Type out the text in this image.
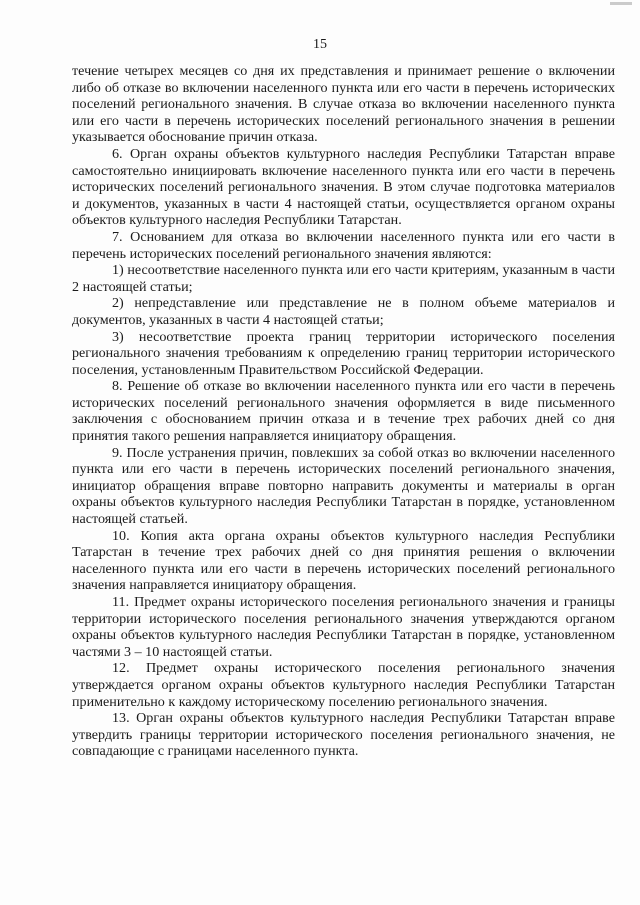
15

течение четырех месяцев со дня их представления и принимает решение о включении либо об отказе во включении населенного пункта или его части в перечень исторических поселений регионального значения. В случае отказа во включении населенного пункта или его части в перечень исторических поселений регионального значения в решении указывается обоснование причин отказа.

6. Орган охраны объектов культурного наследия Республики Татарстан вправе самостоятельно инициировать включение населенного пункта или его части в перечень исторических поселений регионального значения. В этом случае подготовка материалов и документов, указанных в части 4 настоящей статьи, осуществляется органом охраны объектов культурного наследия Республики Татарстан.

7. Основанием для отказа во включении населенного пункта или его части в перечень исторических поселений регионального значения являются:

1) несоответствие населенного пункта или его части критериям, указанным в части 2 настоящей статьи;

2) непредставление или представление не в полном объеме материалов и документов, указанных в части 4 настоящей статьи;

3) несоответствие проекта границ территории исторического поселения регионального значения требованиям к определению границ территории исторического поселения, установленным Правительством Российской Федерации.

8. Решение об отказе во включении населенного пункта или его части в перечень исторических поселений регионального значения оформляется в виде письменного заключения с обоснованием причин отказа и в течение трех рабочих дней со дня принятия такого решения направляется инициатору обращения.

9. После устранения причин, повлекших за собой отказ во включении населенного пункта или его части в перечень исторических поселений регионального значения, инициатор обращения вправе повторно направить документы и материалы в орган охраны объектов культурного наследия Республики Татарстан в порядке, установленном настоящей статьей.

10. Копия акта органа охраны объектов культурного наследия Республики Татарстан в течение трех рабочих дней со дня принятия решения о включении населенного пункта или его части в перечень исторических поселений регионального значения направляется инициатору обращения.

11. Предмет охраны исторического поселения регионального значения и границы территории исторического поселения регионального значения утверждаются органом охраны объектов культурного наследия Республики Татарстан в порядке, установленном частями 3 – 10 настоящей статьи.

12. Предмет охраны исторического поселения регионального значения утверждается органом охраны объектов культурного наследия Республики Татарстан применительно к каждому историческому поселению регионального значения.

13. Орган охраны объектов культурного наследия Республики Татарстан вправе утвердить границы территории исторического поселения регионального значения, не совпадающие с границами населенного пункта.
